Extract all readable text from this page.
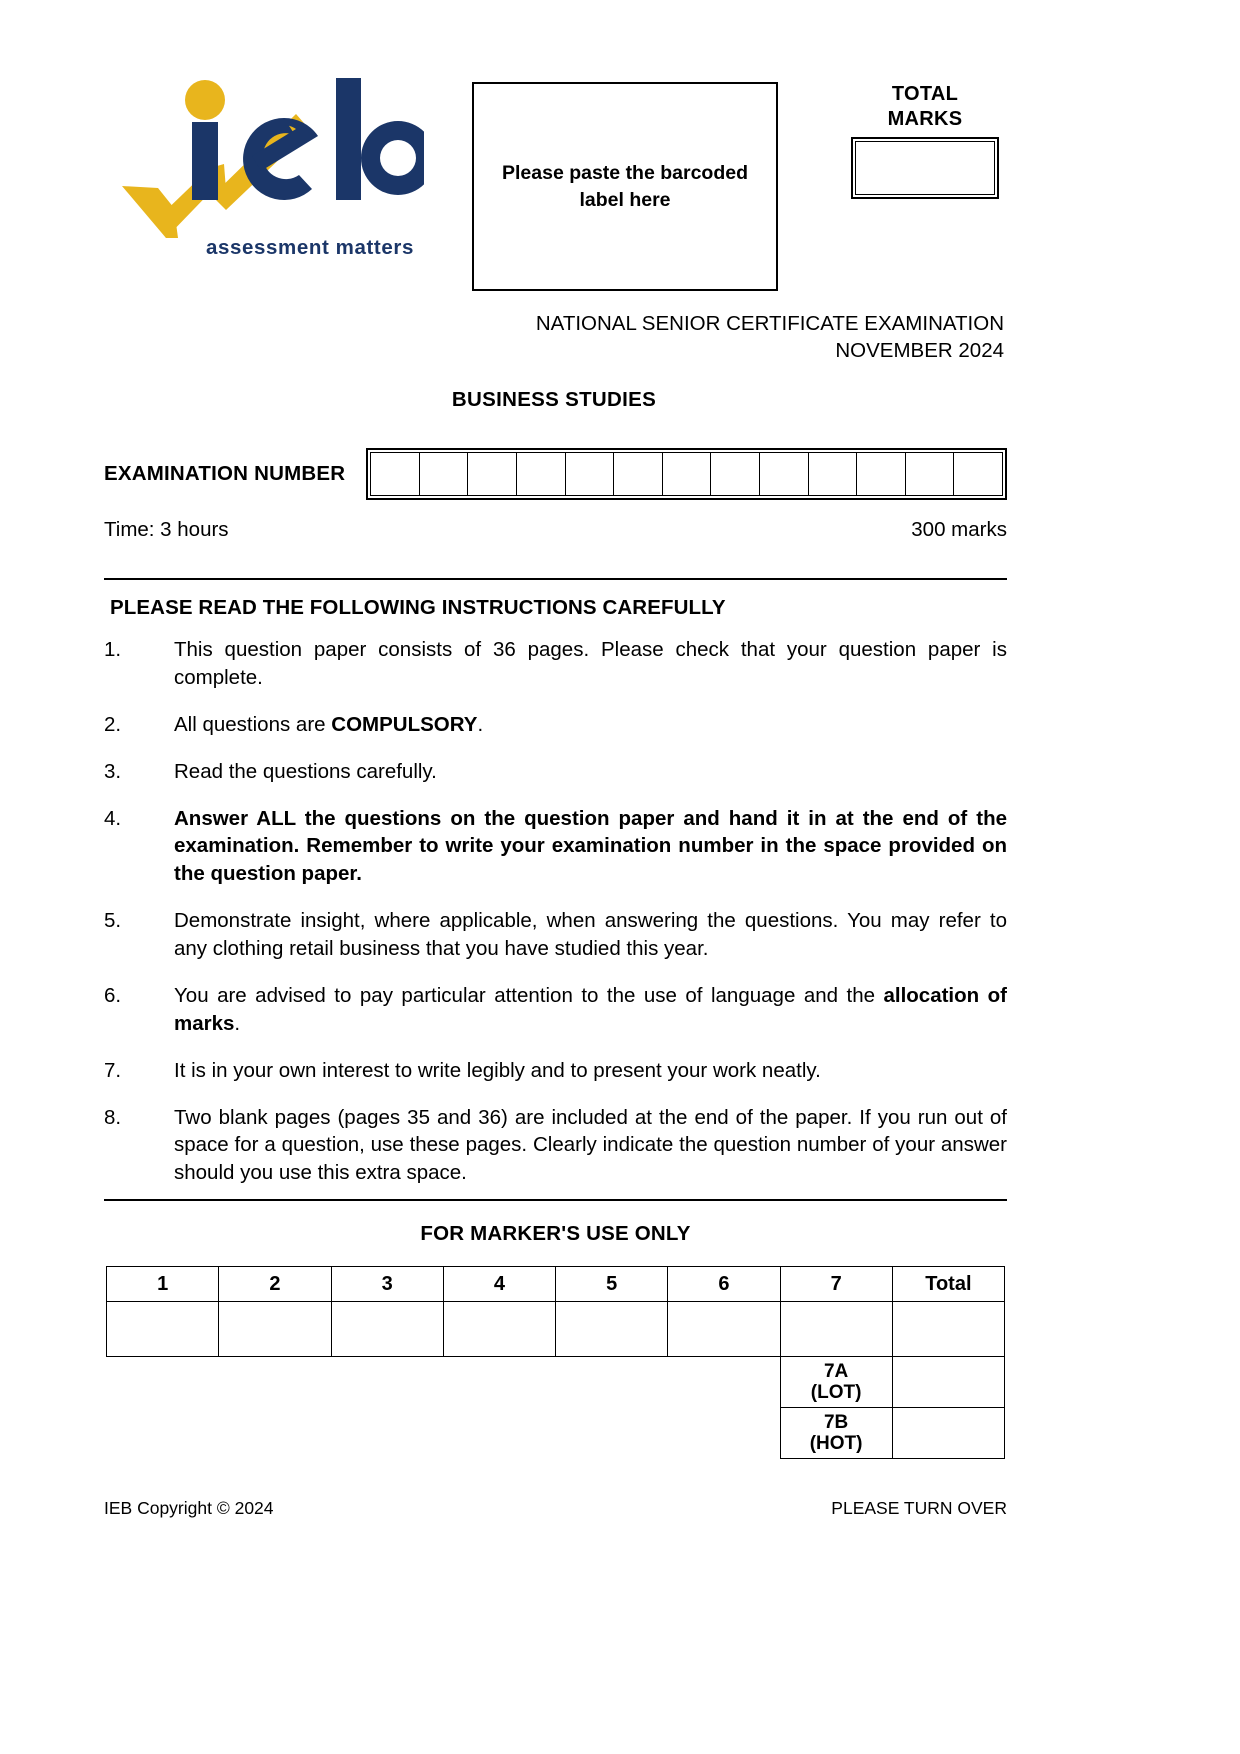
assessment matters
Please paste the barcoded
label here
TOTAL
MARKS
NATIONAL SENIOR CERTIFICATE EXAMINATION
NOVEMBER 2024
BUSINESS STUDIES
EXAMINATION NUMBER
Time: 3 hours	300 marks
PLEASE READ THE FOLLOWING INSTRUCTIONS CAREFULLY
1.	This question paper consists of 36 pages. Please check that your question paper is complete.
2.	All questions are COMPULSORY.
3.	Read the questions carefully.
4.	Answer ALL the questions on the question paper and hand it in at the end of the examination. Remember to write your examination number in the space provided on the question paper.
5.	Demonstrate insight, where applicable, when answering the questions. You may refer to any clothing retail business that you have studied this year.
6.	You are advised to pay particular attention to the use of language and the allocation of marks.
7.	It is in your own interest to write legibly and to present your work neatly.
8.	Two blank pages (pages 35 and 36) are included at the end of the paper. If you run out of space for a question, use these pages. Clearly indicate the question number of your answer should you use this extra space.
FOR MARKER'S USE ONLY
1	2	3	4	5	6	7	Total

						7A
(LOT)	

						7B
(HOT)	

IEB Copyright © 2024	PLEASE TURN OVER
